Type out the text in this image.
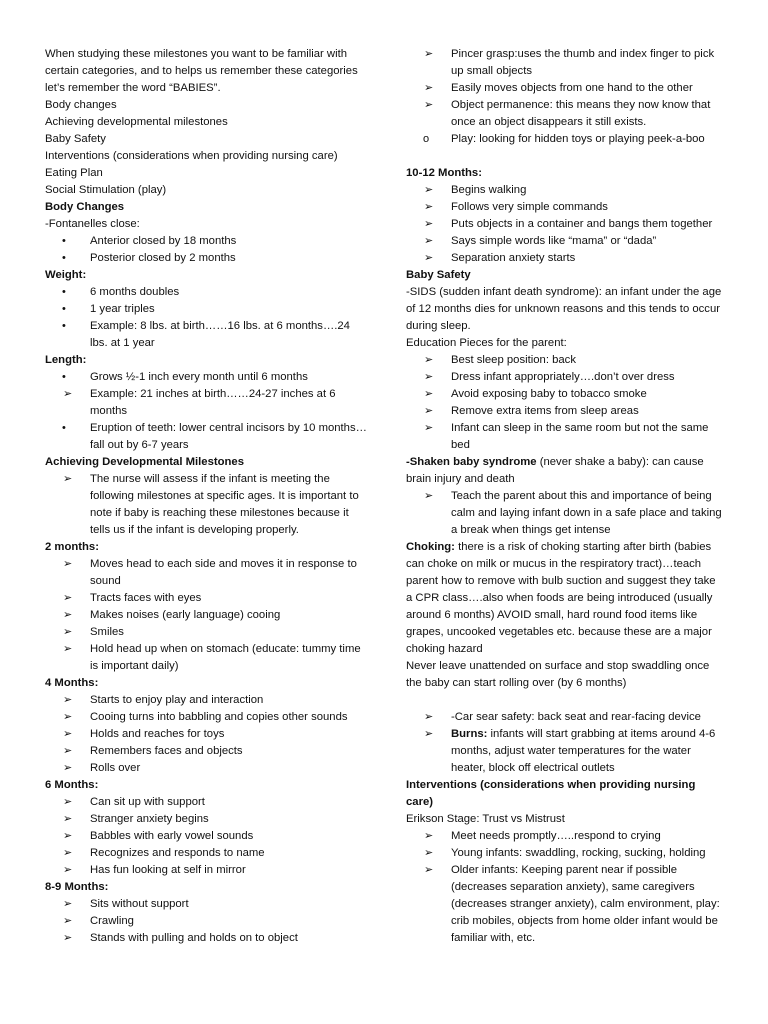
When studying these milestones you want to be familiar with certain categories, and to helps us remember these categories let’s remember the word “BABIES”.

Body changes

Achieving developmental milestones

Baby Safety

Interventions (considerations when providing nursing care)

Eating Plan

Social Stimulation (play)

Body Changes

-Fontanelles close:

• Anterior closed by 18 months
• Posterior closed by 2 months

Weight:

• 6 months doubles
• 1 year triples
• Example: 8 lbs. at birth……16 lbs. at 6 months….24 lbs. at 1 year

Length:

• Grows ½-1 inch every month until 6 months
➢ Example: 21 inches at birth……24-27 inches at 6 months
• Eruption of teeth: lower central incisors by 10 months…fall out by 6-7 years

Achieving Developmental Milestones

➢ The nurse will assess if the infant is meeting the following milestones at specific ages. It is important to note if baby is reaching these milestones because it tells us if the infant is developing properly.

2 months:

➢ Moves head to each side and moves it in response to sound
➢ Tracts faces with eyes
➢ Makes noises (early language) cooing
➢ Smiles
➢ Hold head up when on stomach (educate: tummy time is important daily)

4 Months:

➢ Starts to enjoy play and interaction
➢ Cooing turns into babbling and copies other sounds
➢ Holds and reaches for toys
➢ Remembers faces and objects
➢ Rolls over

6 Months:

➢ Can sit up with support
➢ Stranger anxiety begins
➢ Babbles with early vowel sounds
➢ Recognizes and responds to name
➢ Has fun looking at self in mirror

8-9 Months:

➢ Sits without support
➢ Crawling
➢ Stands with pulling and holds on to object
➢ Pincer grasp:uses the thumb and index finger to pick up small objects
➢ Easily moves objects from one hand to the other
➢ Object permanence: this means they now know that once an object disappears it still exists.
o Play: looking for hidden toys or playing peek-a-boo

10-12 Months:

➢ Begins walking
➢ Follows very simple commands
➢ Puts objects in a container and bangs them together
➢ Says simple words like “mama” or “dada”
➢ Separation anxiety starts

Baby Safety

-SIDS (sudden infant death syndrome): an infant under the age of 12 months dies for unknown reasons and this tends to occur during sleep.

Education Pieces for the parent:

➢ Best sleep position: back
➢ Dress infant appropriately….don’t over dress
➢ Avoid exposing baby to tobacco smoke
➢ Remove extra items from sleep areas
➢ Infant can sleep in the same room but not the same bed

-Shaken baby syndrome (never shake a baby): can cause brain injury and death

➢ Teach the parent about this and importance of being calm and laying infant down in a safe place and taking a break when things get intense

Choking: there is a risk of choking starting after birth (babies can choke on milk or mucus in the respiratory tract)…teach parent how to remove with bulb suction and suggest they take a CPR class….also when foods are being introduced (usually around 6 months) AVOID small, hard round food items like grapes, uncooked vegetables etc. because these are a major choking hazard

Never leave unattended on surface and stop swaddling once the baby can start rolling over (by 6 months)

➢ -Car sear safety: back seat and rear-facing device
➢ Burns: infants will start grabbing at items around 4-6 months, adjust water temperatures for the water heater, block off electrical outlets

Interventions (considerations when providing nursing care)

Erikson Stage: Trust vs Mistrust

➢ Meet needs promptly…..respond to crying
➢ Young infants: swaddling, rocking, sucking, holding
➢ Older infants: Keeping parent near if possible (decreases separation anxiety), same caregivers (decreases stranger anxiety), calm environment, play: crib mobiles, objects from home older infant would be familiar with, etc.
